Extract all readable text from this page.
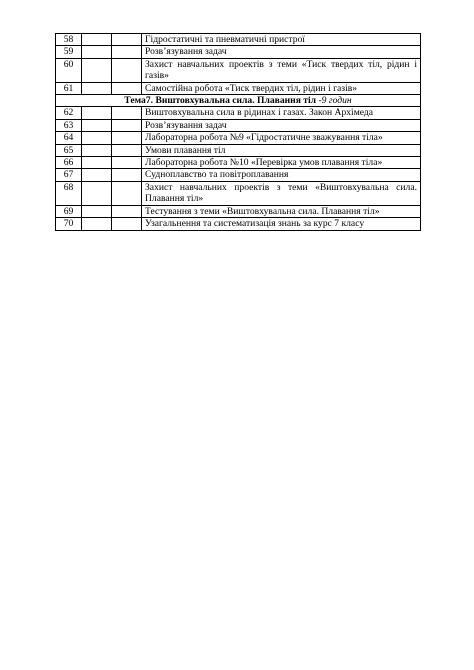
58			Гідростатичні та пневматичні пристрої
59			Розв’язування задач
60			Захист навчальних проектів з теми «Тиск твердих тіл, рідин і газів»
61			Самостійна робота «Тиск твердих тіл, рідин і газів»
Тема7. Виштовхувальна сила. Плавання тіл -9 годин			
62			Виштовхувальна сила в рідинах і газах. Закон Архімеда
63			Розв’язування задач
64			Лабораторна робота №9 «Гідростатичне зважування тіла»
65			Умови плавання тіл
66			Лабораторна робота №10 «Перевірка умов плавання тіла»
67			Судноплавство та повітроплавання
68			Захист навчальних проектів з теми «Виштовхувальна сила. Плавання тіл»
69			Тестування з теми «Виштовхувальна сила. Плавання тіл»
70			Узагальнення та систематизація знань за курс 7 класу
